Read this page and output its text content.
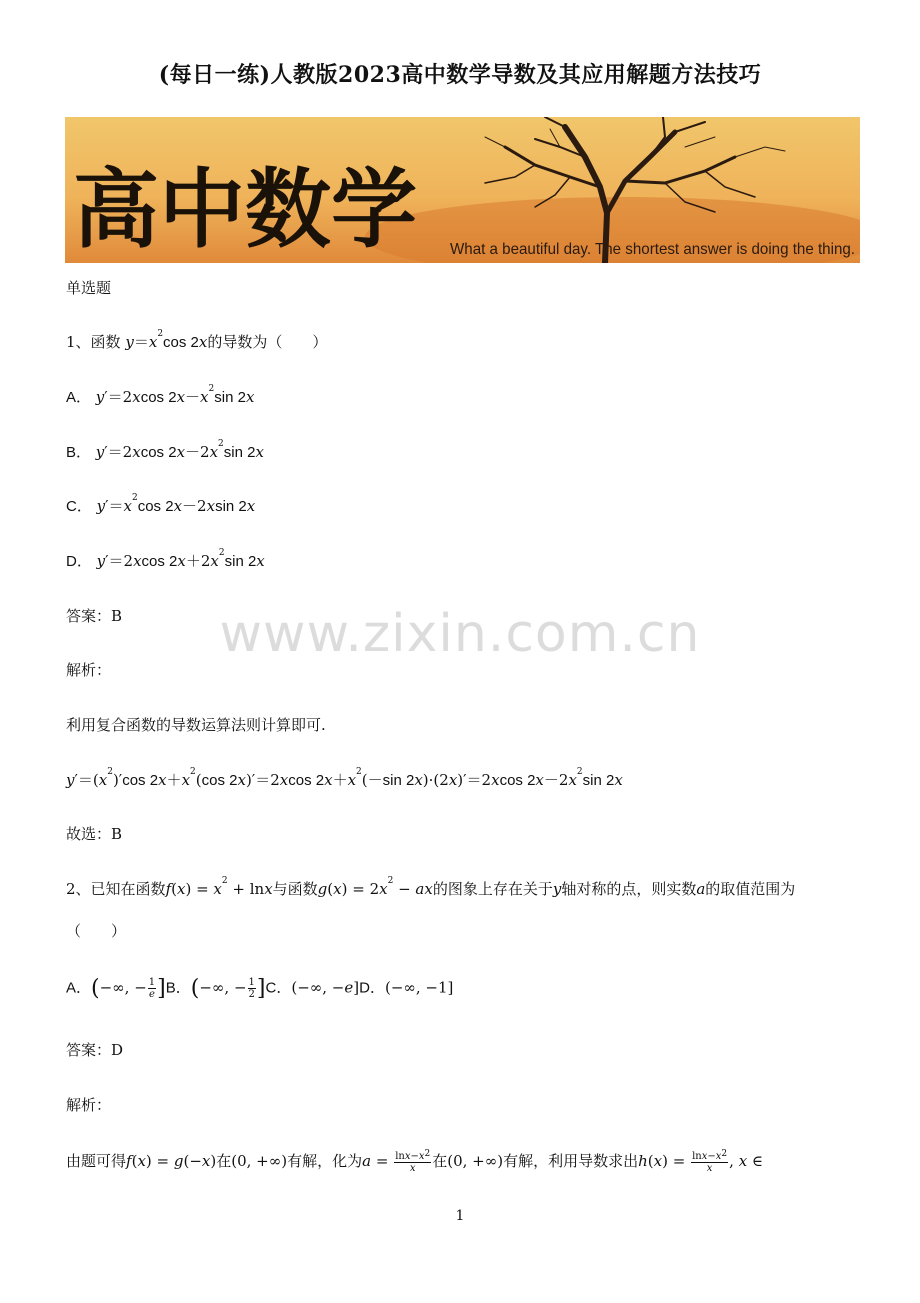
(每日一练)人教版2023高中数学导数及其应用解题方法技巧
高中数学 What a beautiful day. The shortest answer is doing the thing.
单选题
1、函数 $y=x^2\cos$ 2x的导数为（　　）
A． y′＝2xcos $2x-x^2\sin$ 2x
B． y′＝2xcos $2x-2x^2\sin$ 2x
C． $y'=x^2\cos$ 2x－2xsin 2x
D． y′＝2xcos $2x+2x^2\sin$ 2x
答案：B
解析：
利用复合函数的导数运算法则计算即可.
$y'=(x^2)'\cos$ $2x+x^2(\cos$ 2x)′＝2xcos $2x+x^2(-\sin$ 2x)·(2x)′＝2xcos $2x-2x^2\sin$ 2x
故选：B
2、已知在函数$f(x) = x^2 + \ln x$与函数$g(x) = 2x^2$ − ax的图象上存在关于y轴对称的点，则实数a的取值范围为
（　　）
A．(−∞, − $\frac{1}{e} ]B$．(−∞, − $\frac{1}{2} ]C$．(−∞, −e]D．(−∞, −1]
答案：D
解析：
由题可得f(x) = g(−x)在(0, +∞)有解，化为$a = \frac{\ln x-x^2}{x}$ 在(0, +∞)有解，利用导数求出$h(x) = \frac{\ln x-x^2}{x}$ , x ∈
www.zixin.com.cn
1
